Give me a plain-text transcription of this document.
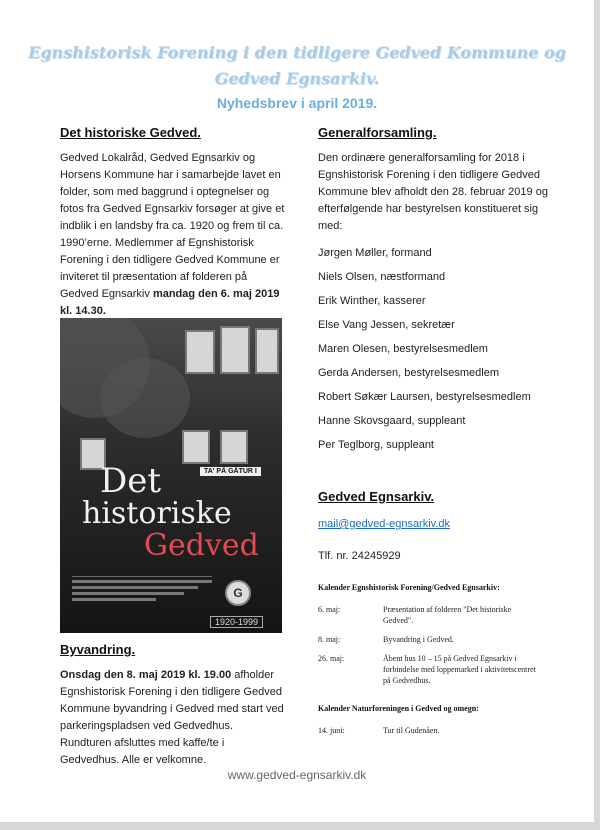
Egnshistorisk Forening i den tidligere Gedved Kommune og
Gedved Egnsarkiv.
Nyhedsbrev i april 2019.
Det historiske Gedved.

Gedved Lokalråd, Gedved Egnsarkiv og Horsens Kommune har i samarbejde lavet en folder, som med baggrund i optegnelser og fotos fra Gedved Egnsarkiv forsøger at give et indblik i en landsby fra ca. 1920 og frem til ca. 1990’erne. Medlemmer af Egnshistorisk Forening i den tidligere Gedved Kommune er inviteret til præsentation af folderen på Gedved Egnsarkiv mandag den 6. maj 2019 kl. 14.30.

TA' PÅ GÅTUR I
Det
historiske
Gedved
G
1920-1999
Byvandring.

Onsdag den 8. maj 2019 kl. 19.00 afholder Egnshistorisk Forening i den tidligere Gedved Kommune byvandring i Gedved med start ved parkeringspladsen ved Gedvedhus. Rundturen afsluttes med kaffe/te i Gedvedhus. Alle er velkomne.

Generalforsamling.

Den ordinære generalforsamling for 2018 i Egnshistorisk Forening i den tidligere Gedved Kommune blev afholdt den 28. februar 2019 og efterfølgende har bestyrelsen konstitueret sig med:

Jørgen Møller, formand

Niels Olsen, næstformand

Erik Winther, kasserer

Else Vang Jessen, sekretær

Maren Olesen, bestyrelsesmedlem

Gerda Andersen, bestyrelsesmedlem

Robert Søkær Laursen, bestyrelsesmedlem

Hanne Skovsgaard, suppleant

Per Teglborg, suppleant

Gedved Egnsarkiv.
mail@gedved-egnsarkiv.dk

Tlf. nr. 24245929

Kalender Egnshistorisk Forening/Gedved Egnsarkiv:

6. maj:	Præsentation af folderen "Det historiske Gedved".
8. maj:	Byvandring i Gedved.
26. maj:	Åbent hus 10 – 15 på Gedved Egnsarkiv i forbindelse med loppemarked i aktivitetscentret på Gedvedhus.

Kalender Naturforeningen i Gedved og omegn:

14. juni:	Tur til Gudenåen.
www.gedved-egnsarkiv.dk
